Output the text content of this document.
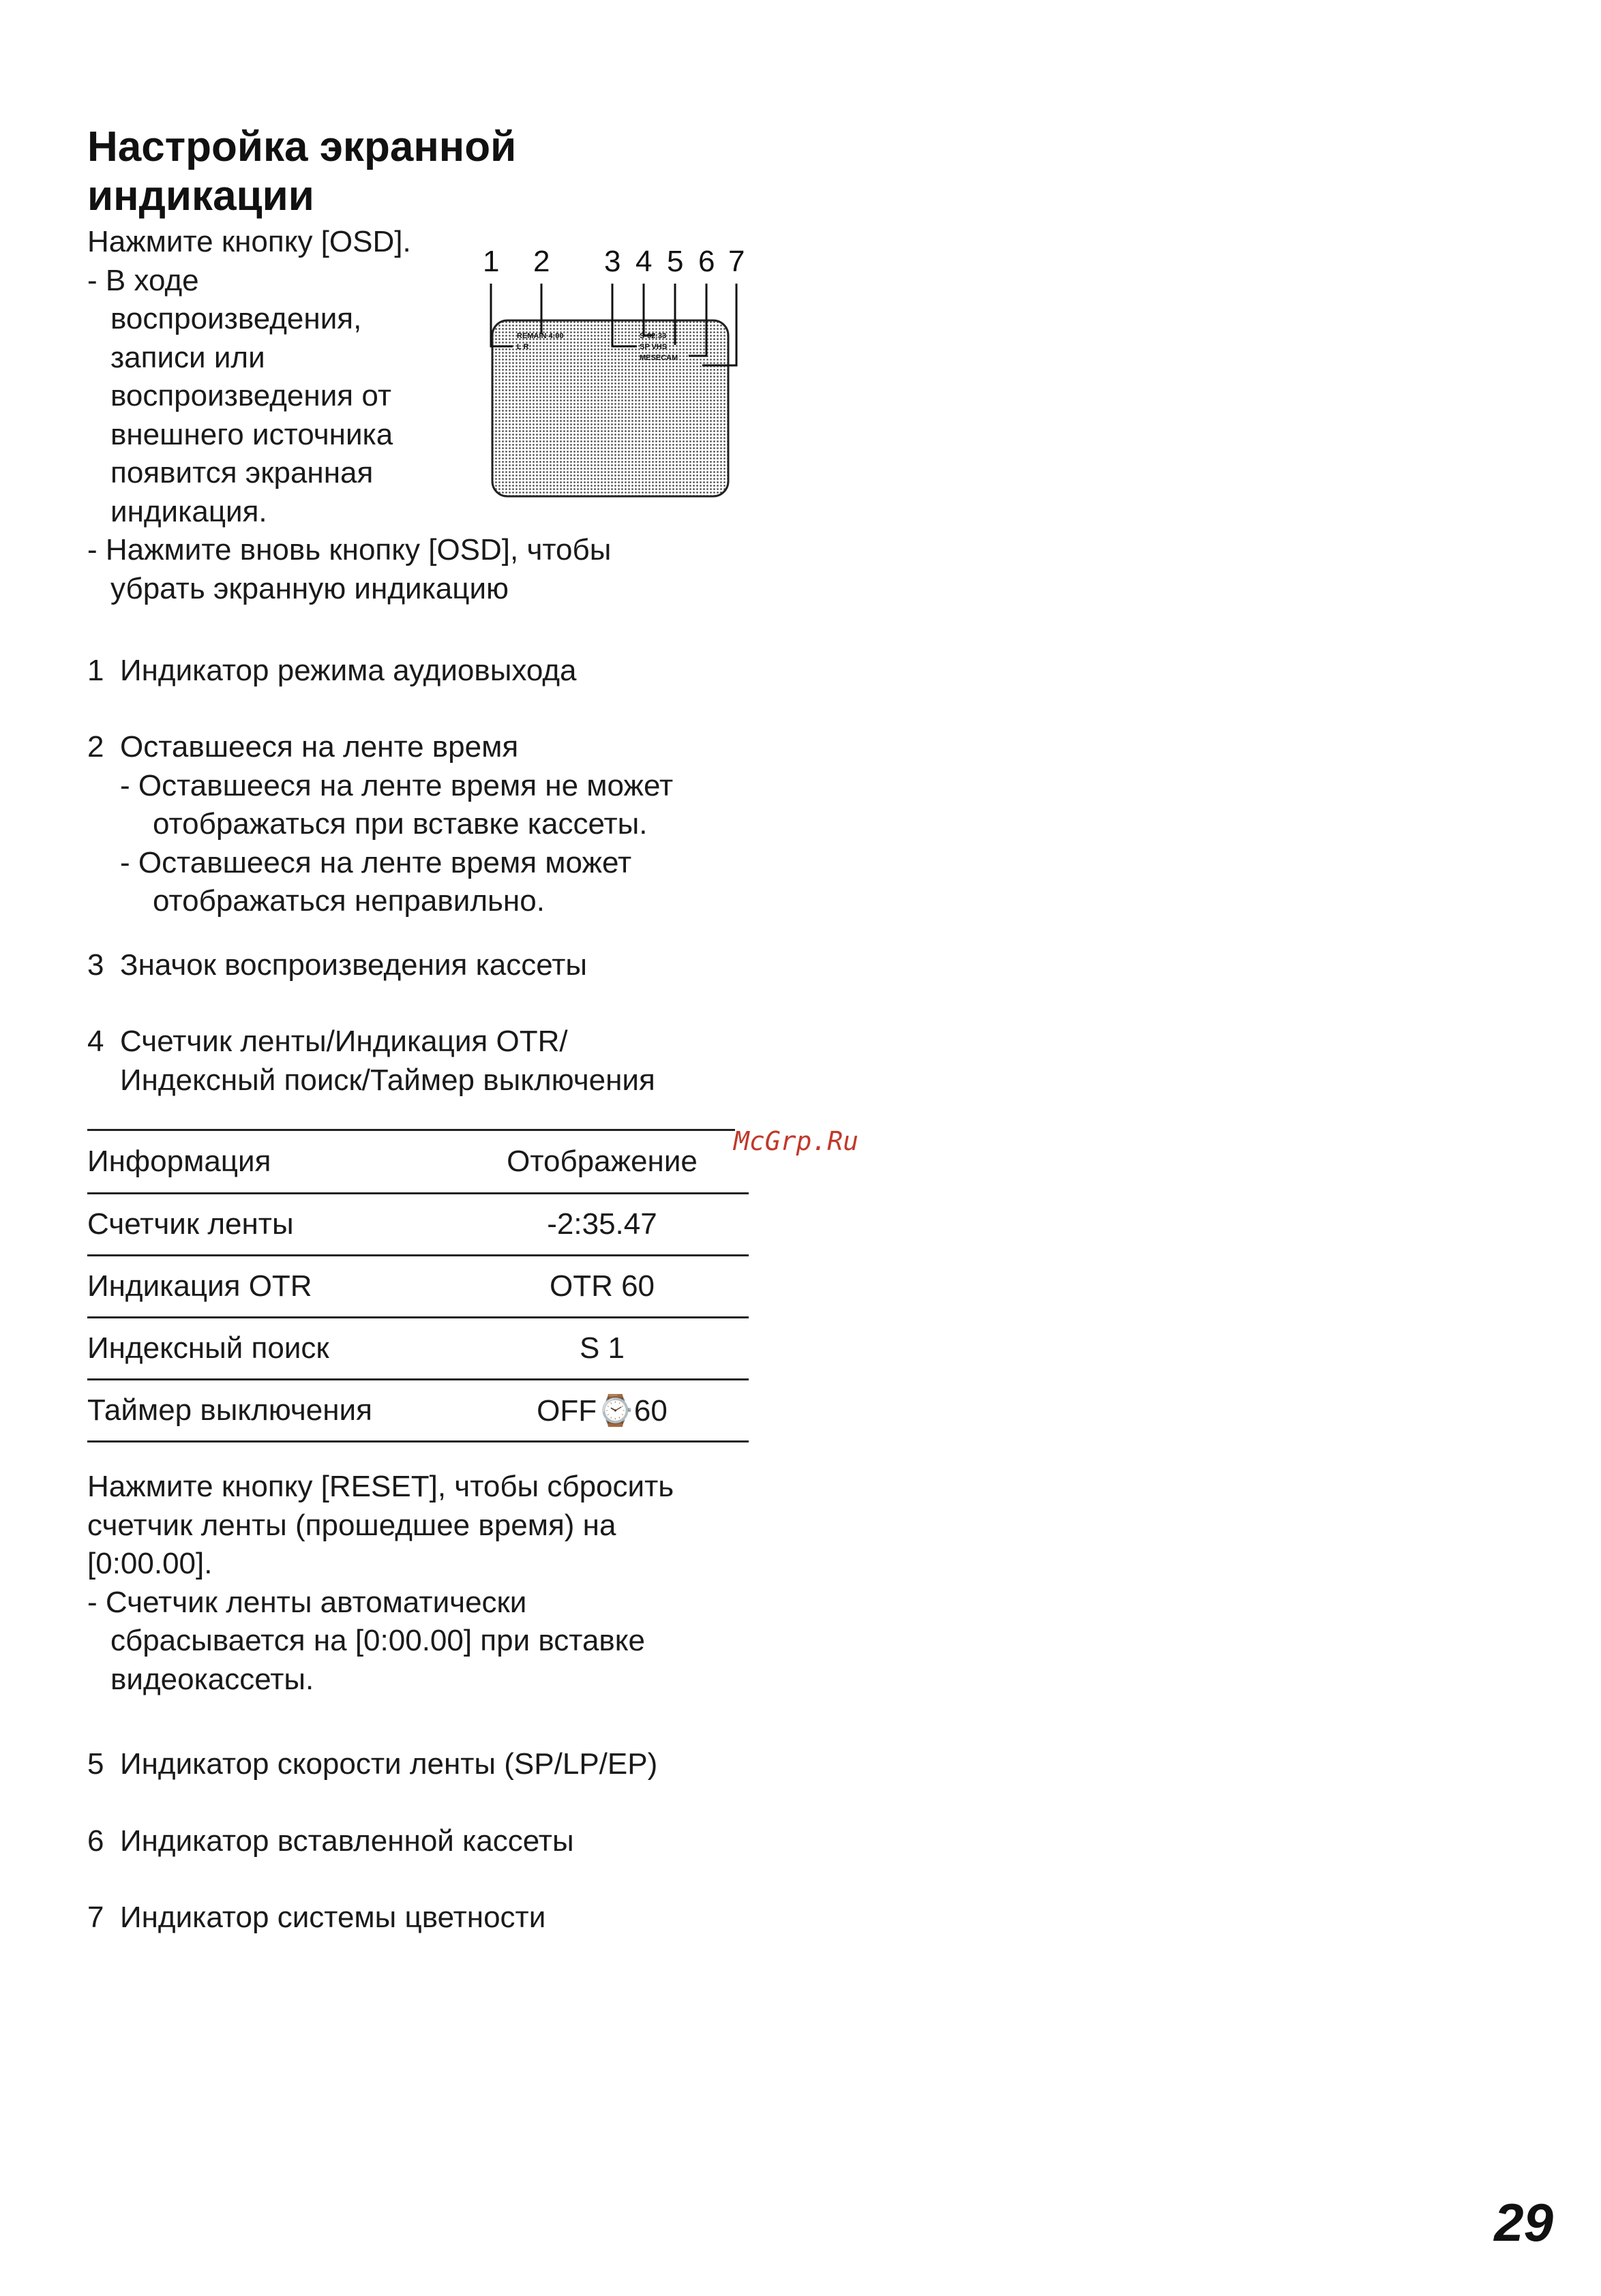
Настройка экранной
индикации
Нажмите кнопку [OSD].
- В ходе
воспроизведения,
записи или
воспроизведения от
внешнего источника
появится экранная
индикация.
- Нажмите вновь кнопку [OSD], чтобы
убрать экранную индикацию
1 2 3 4 5 6 7
REMAIN 4:00
L R
S-02:33
SP VHS
MESECAM
1 Индикатор режима аудиовыхода
2 Оставшееся на ленте время
- Оставшееся на ленте время не может
отображаться при вставке кассеты.
- Оставшееся на ленте время может
отображаться неправильно.
3 Значок воспроизведения кассеты
4 Счетчик ленты/Индикация OTR/
Индексный поиск/Таймер выключения
Информация	Отображение
Счетчик ленты	-2:35.47
Индикация OTR	OTR 60
Индексный поиск	S 1
Таймер выключения	OFF⌚60
McGrp.Ru
Нажмите кнопку [RESET], чтобы сбросить
счетчик ленты (прошедшее время) на
[0:00.00].
- Счетчик ленты автоматически
сбрасывается на [0:00.00] при вставке
видеокассеты.
5 Индикатор скорости ленты (SP/LP/EP)
6 Индикатор вставленной кассеты
7 Индикатор системы цветности
29
